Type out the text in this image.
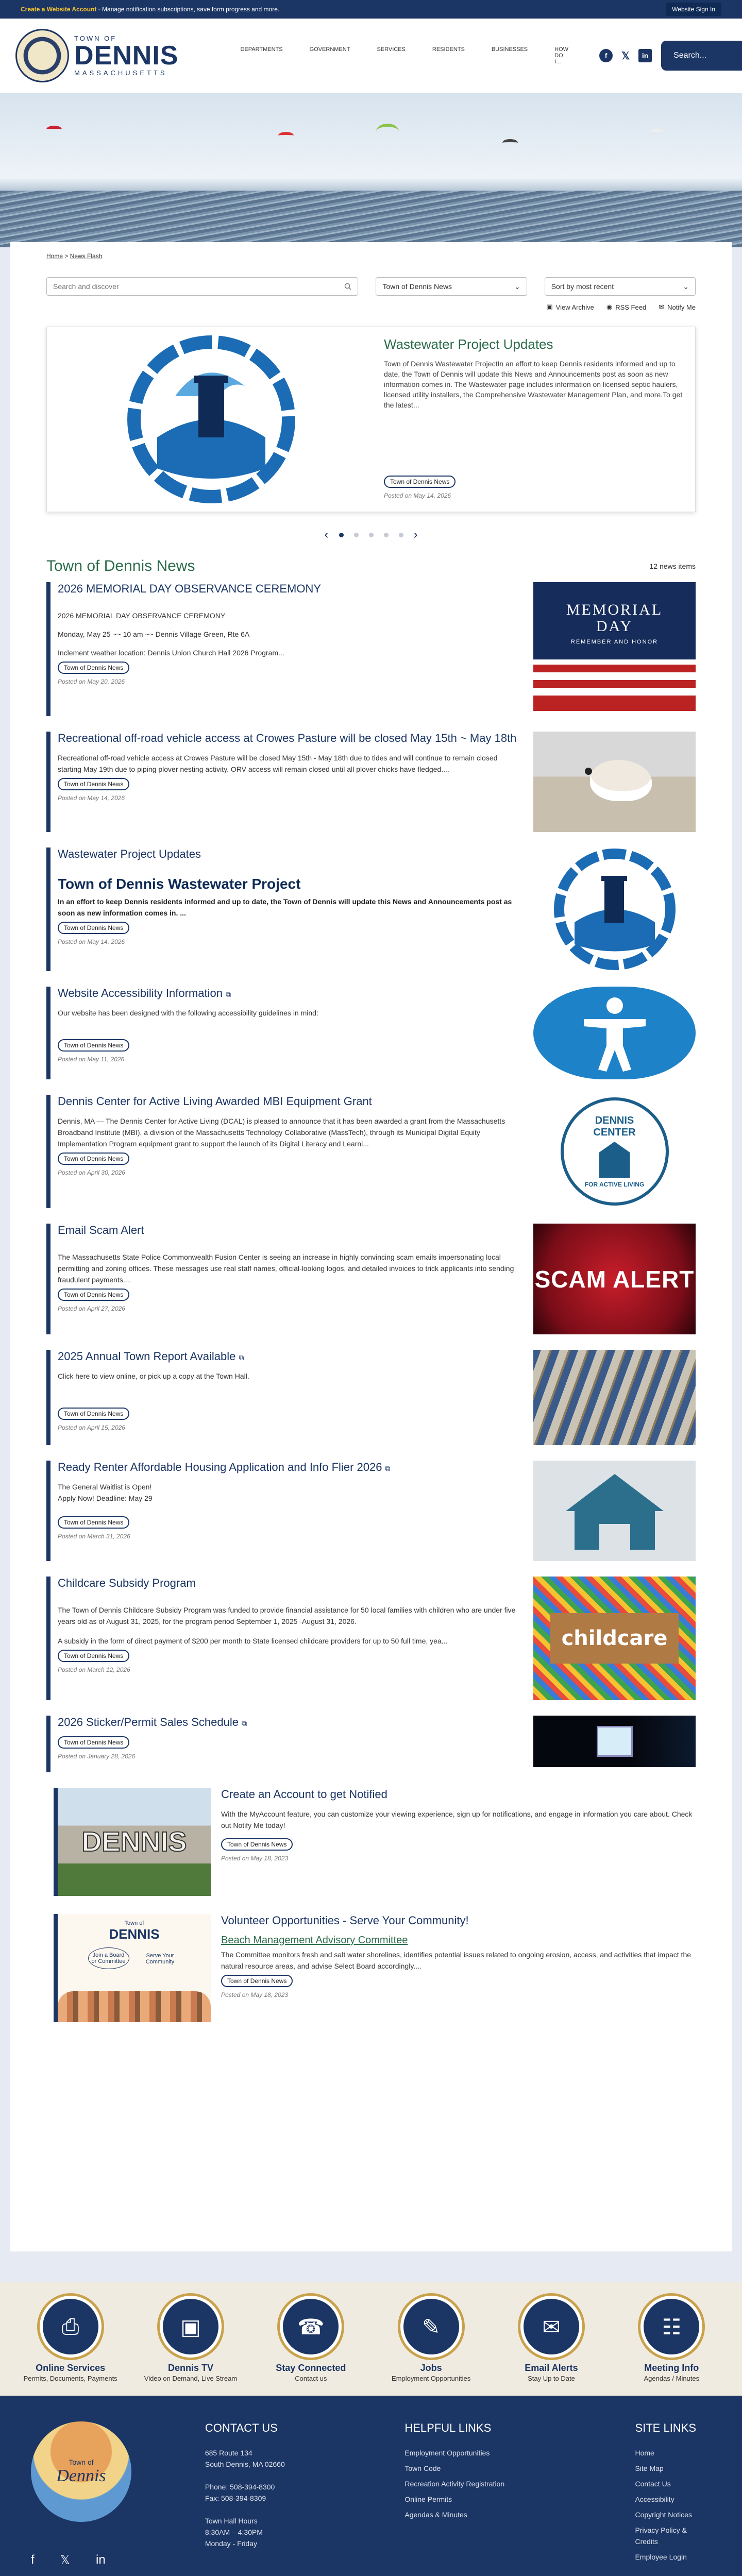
Create a Website Account - Manage notification subscriptions, save form progress and more.	Website Sign In
TOWN OF
DENNIS
MASSACHUSETTS
DEPARTMENTS	GOVERNMENT	SERVICES	RESIDENTS	BUSINESSES	HOW DO I...
f	𝕏	in
Search...
Home > News Flash
Search and discover	Town of Dennis News	⌄	Sort by most recent	⌄
▣ View Archive ◉ RSS Feed ✉ Notify Me
Wastewater Project Updates
Town of Dennis Wastewater ProjectIn an effort to keep Dennis residents informed and up to date, the Town of Dennis will update this News and Announcements post as soon as new information comes in. The Wastewater page includes information on licensed septic haulers, licensed utility installers, the Comprehensive Wastewater Management Plan, and more.To get the latest...
Town of Dennis News
Posted on May 14, 2026
‹	›
Town of Dennis News	12 news items
2026 MEMORIAL DAY OBSERVANCE CEREMONY

2026 MEMORIAL DAY OBSERVANCE CEREMONY

Monday, May 25 ~~ 10 am ~~ Dennis Village Green, Rte 6A

Inclement weather location: Dennis Union Church Hall 2026 Program...

Town of Dennis News
Posted on May 20, 2026
MEMORIAL
DAY
REMEMBER AND HONOR
Recreational off-road vehicle access at Crowes Pasture will be closed May 15th ~ May 18th

Recreational off-road vehicle access at Crowes Pasture will be closed May 15th - May 18th due to tides and will continue to remain closed starting May 19th due to piping plover nesting activity. ORV access will remain closed until all plover chicks have fledged....

Town of Dennis News
Posted on May 14, 2026
Wastewater Project Updates

Town of Dennis Wastewater Project

In an effort to keep Dennis residents informed and up to date, the Town of Dennis will update this News and Announcements post as soon as new information comes in. ...

Town of Dennis News
Posted on May 14, 2026
Website Accessibility Information ⧉

Our website has been designed with the following accessibility guidelines in mind:

Town of Dennis News
Posted on May 11, 2026
Dennis Center for Active Living Awarded MBI Equipment Grant

Dennis, MA — The Dennis Center for Active Living (DCAL) is pleased to announce that it has been awarded a grant from the Massachusetts Broadband Institute (MBI), a division of the Massachusetts Technology Collaborative (MassTech), through its Municipal Digital Equity Implementation Program equipment grant to support the launch of its Digital Literacy and Learni...

Town of Dennis News
Posted on April 30, 2026
DENNIS CENTER
FOR ACTIVE LIVING
Email Scam Alert

The Massachusetts State Police Commonwealth Fusion Center is seeing an increase in highly convincing scam emails impersonating local permitting and zoning offices. These messages use real staff names, official-looking logos, and detailed invoices to trick applicants into sending fraudulent payments....

Town of Dennis News
Posted on April 27, 2026
SCAM ALERT
2025 Annual Town Report Available ⧉

Click here to view online, or pick up a copy at the Town Hall.

Town of Dennis News
Posted on April 15, 2026
Ready Renter Affordable Housing Application and Info Flier 2026 ⧉

The General Waitlist is Open!

Apply Now! Deadline: May 29

Town of Dennis News
Posted on March 31, 2026
Childcare Subsidy Program

The Town of Dennis Childcare Subsidy Program was funded to provide financial assistance for 50 local families with children who are under five years old as of August 31, 2025, for the program period September 1, 2025 -August 31, 2026.

A subsidy in the form of direct payment of $200 per month to State licensed childcare providers for up to 50 full time, yea...

Town of Dennis News
Posted on March 12, 2026
childcare
2026 Sticker/Permit Sales Schedule ⧉
Town of Dennis News
Posted on January 28, 2026
DENNIS
Create an Account to get Notified

With the MyAccount feature, you can customize your viewing experience, sign up for notifications, and engage in information you care about. Check out Notify Me today!

Town of Dennis News
Posted on May 18, 2023
Town of
DENNIS
Join a Board or Committee
Serve Your Community
Volunteer Opportunities - Serve Your Community!

Beach Management Advisory Committee

The Committee monitors fresh and salt water shorelines, identifies potential issues related to ongoing erosion, access, and activities that impact the natural resource areas, and advise Select Board accordingly....

Town of Dennis News
Posted on May 18, 2023
⎙
Online Services
Permits, Documents, Payments
▣
Dennis TV
Video on Demand, Live Stream
☎
Stay Connected
Contact us
✎
Jobs
Employment Opportunities
✉
Email Alerts
Stay Up to Date
☷
Meeting Info
Agendas / Minutes
Town of
Dennis
f 𝕏 in
CONTACT US

685 Route 134

South Dennis, MA 02660

Phone: 508-394-8300

Fax: 508-394-8309

Town Hall Hours

8:30AM – 4:30PM

Monday - Friday

HELPFUL LINKS

Employment Opportunities

Town Code

Recreation Activity Registration

Online Permits

Agendas & Minutes

SITE LINKS

Home

Site Map

Contact Us

Accessibility

Copyright Notices

Privacy Policy & Credits

Employee Login
